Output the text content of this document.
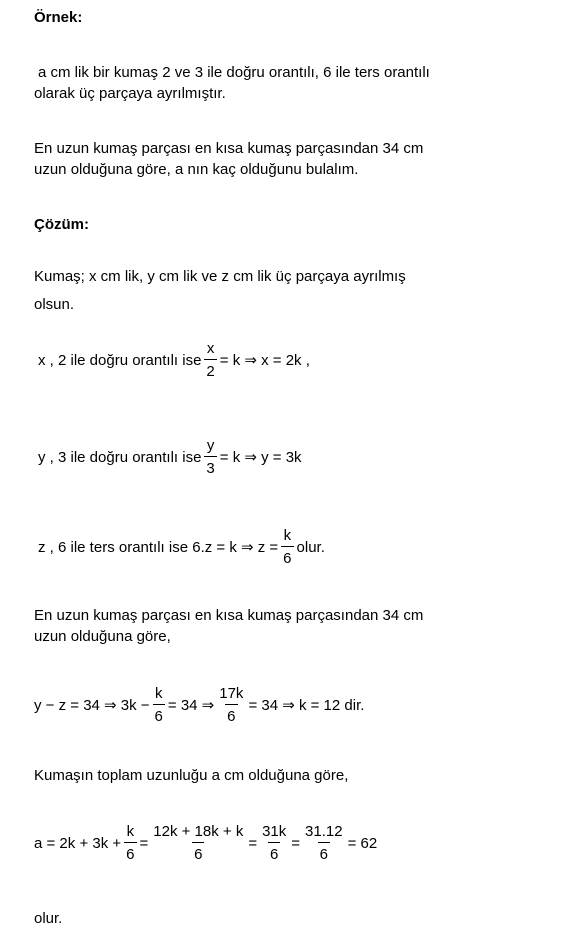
Örnek:
a cm lik bir kumaş 2 ve 3 ile doğru orantılı, 6 ile ters orantılı
olarak üç parçaya ayrılmıştır.
En uzun kumaş parçası en kısa kumaş parçasından 34 cm
uzun olduğuna göre, a nın kaç olduğunu bulalım.
Çözüm:
Kumaş; x cm lik, y cm lik ve z cm lik üç parçaya ayrılmış
olsun.
x , 2 ile doğru orantılı ise $\frac{x}{2} = k$ ⇒ x = 2k ,
y , 3 ile doğru orantılı ise $\frac{y}{3} = k$ ⇒ y = 3k
z , 6 ile ters orantılı ise 6.z = k ⇒ $z = \frac{k}{6}$ olur.
En uzun kumaş parçası en kısa kumaş parçasından 34 cm
uzun olduğuna göre,
y − z = 34 ⇒ $3k - \frac{k}{6} = 34$ ⇒ $\frac{17k}{6} = 34$ ⇒ k = 12 dir.
Kumaşın toplam uzunluğu a cm olduğuna göre,
$a = 2k + 3k + \frac{k}{6} = \frac{12k + 18k + k}{6} = \frac{31k}{6} = \frac{31.12}{6} = 62$
olur.
